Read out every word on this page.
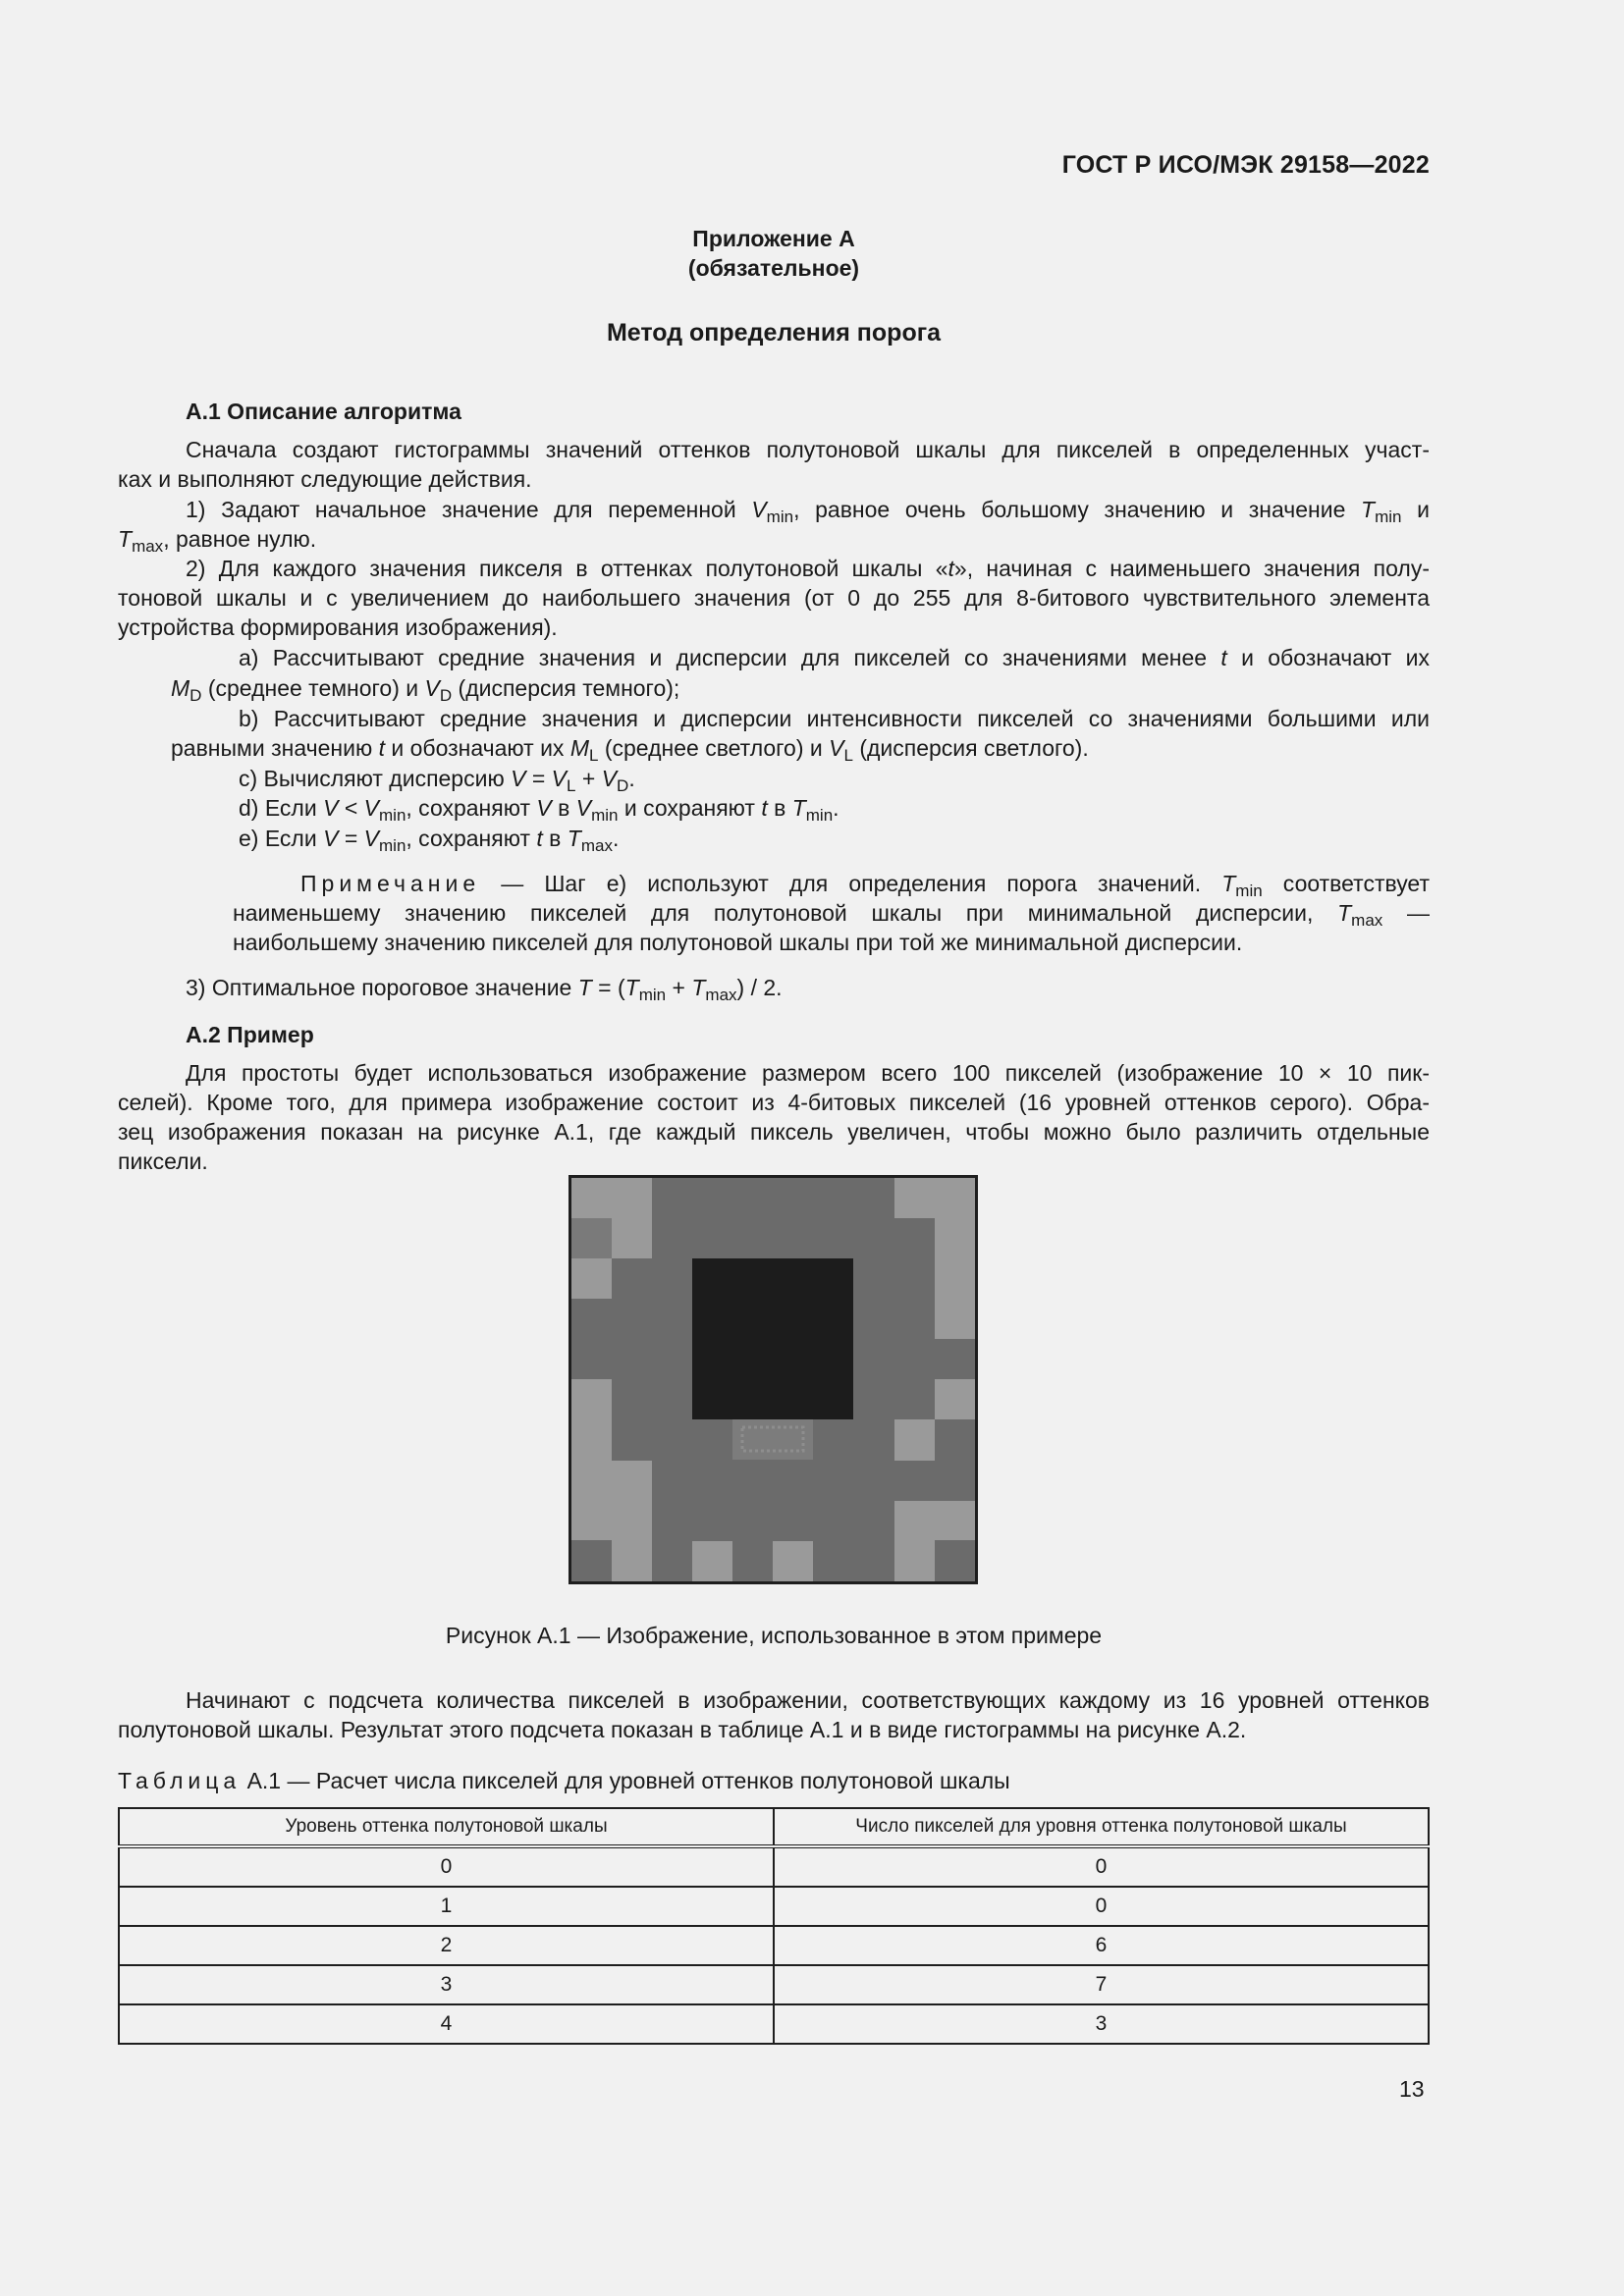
ГОСТ Р ИСО/МЭК 29158—2022
Приложение А
(обязательное)
Метод определения порога
А.1 Описание алгоритма
Сначала создают гистограммы значений оттенков полутоновой шкалы для пикселей в определенных участ-
ках и выполняют следующие действия.
1) Задают начальное значение для переменной $V_{min}$, равное очень большому значению и значение $T_{min}$ и
$T_{max}$, равное нулю.
2) Для каждого значения пикселя в оттенках полутоновой шкалы «t», начиная с наименьшего значения полу-
тоновой шкалы и с увеличением до наибольшего значения (от 0 до 255 для 8-битового чувствительного элемента
устройства формирования изображения).
a) Рассчитывают средние значения и дисперсии для пикселей со значениями менее t и обозначают их
$M_D$ (среднее темного) и $V_D$ (дисперсия темного);
b) Рассчитывают средние значения и дисперсии интенсивности пикселей со значениями большими или
равными значению t и обозначают их $M_L$ (среднее светлого) и $V_L$ (дисперсия светлого).
c) Вычисляют дисперсию $V = V_L + V_D$.
d) Если $V < V_{min}$, сохраняют V в $V_{min}$ и сохраняют t в $T_{min}$.
e) Если $V = V_{min}$, сохраняют t в $T_{max}$.
Примечание — Шаг e) используют для определения порога значений. $T_{min}$ соответствует
наименьшему значению пикселей для полутоновой шкалы при минимальной дисперсии, $T_{max}$ —
наибольшему значению пикселей для полутоновой шкалы при той же минимальной дисперсии.
3) Оптимальное пороговое значение $T = (T_{min} + T_{max}) / 2$.
А.2 Пример
Для простоты будет использоваться изображение размером всего 100 пикселей (изображение 10 × 10 пик-
селей). Кроме того, для примера изображение состоит из 4-битовых пикселей (16 уровней оттенков серого). Обра-
зец изображения показан на рисунке А.1, где каждый пиксель увеличен, чтобы можно было различить отдельные
пиксели.
Рисунок А.1 — Изображение, использованное в этом примере
Начинают с подсчета количества пикселей в изображении, соответствующих каждому из 16 уровней оттенков
полутоновой шкалы. Результат этого подсчета показан в таблице А.1 и в виде гистограммы на рисунке А.2.
Таблица А.1 — Расчет числа пикселей для уровней оттенков полутоновой шкалы
Уровень оттенка полутоновой шкалы	Число пикселей для уровня оттенка полутоновой шкалы
0	0
1	0
2	6
3	7
4	3
13
